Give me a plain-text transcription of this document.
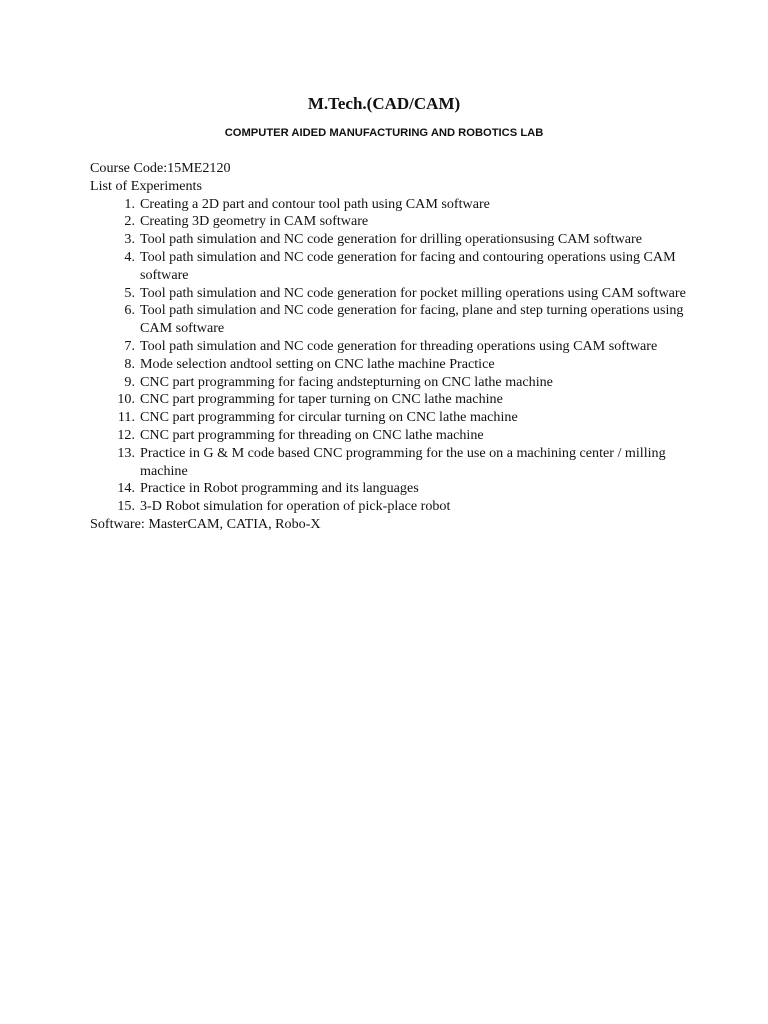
M.Tech.(CAD/CAM)
COMPUTER AIDED MANUFACTURING AND ROBOTICS LAB
Course Code:15ME2120
List of Experiments
1. Creating a 2D part and contour tool path using CAM software
2. Creating 3D geometry in CAM software
3. Tool path simulation and NC code generation for drilling operationsusing CAM software
4. Tool path simulation and NC code generation for facing and contouring operations using CAM software
5. Tool path simulation and NC code generation for pocket milling operations using CAM software
6. Tool path simulation and NC code generation for facing, plane and step turning operations using CAM software
7. Tool path simulation and NC code generation for threading operations using CAM software
8. Mode selection andtool setting on CNC lathe machine Practice
9. CNC part programming for facing andstepturning on CNC lathe machine
10. CNC part programming for taper turning on CNC lathe machine
11. CNC part programming for circular turning on CNC lathe machine
12. CNC part programming for threading on CNC lathe machine
13. Practice in G & M code based CNC programming for the use on a machining center / milling machine
14. Practice in Robot programming and its languages
15. 3-D Robot simulation for operation of pick-place robot
Software: MasterCAM, CATIA, Robo-X
